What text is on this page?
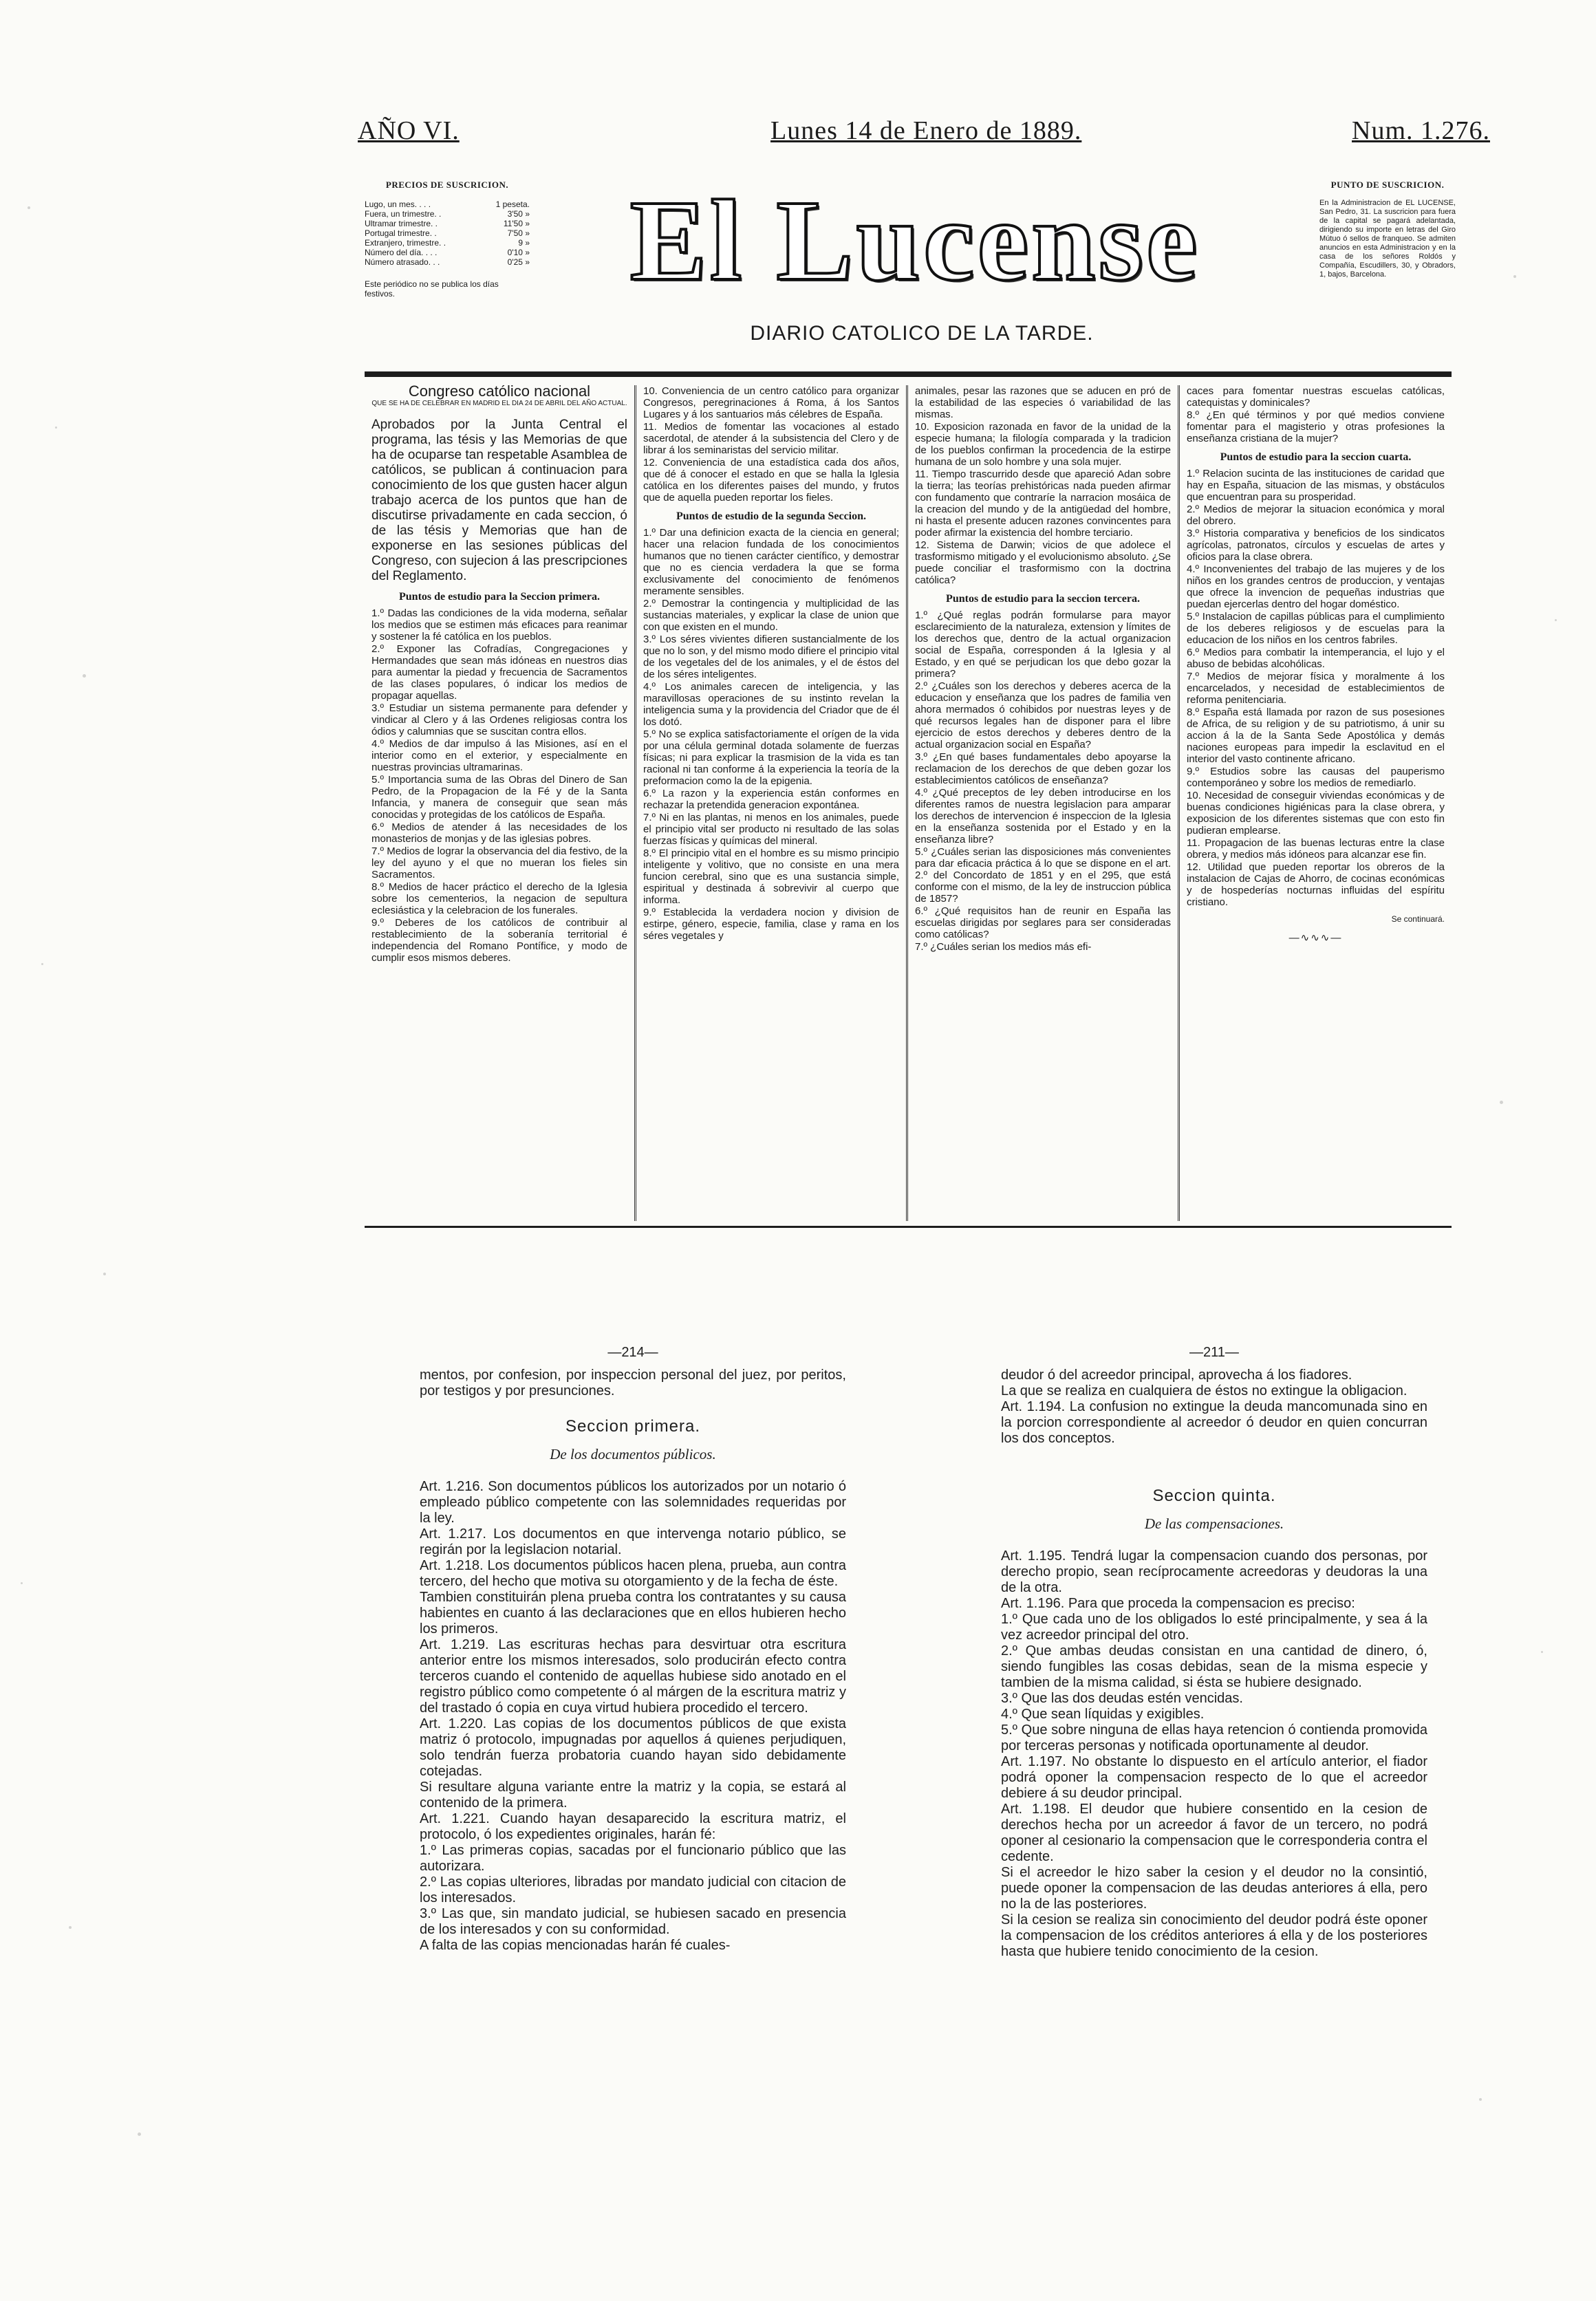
AÑO VI.	Lunes 14 de Enero de 1889.	Num. 1.276.
PRECIOS DE SUSCRICION.
Lugo, un mes. . . .	1 peseta.
Fuera, un trimestre. .	3'50 »
Ultramar trimestre. .	11'50 »
Portugal trimestre. .	7'50 »
Extranjero, trimestre. .	9 »
Número del día. . . .	0'10 »
Número atrasado. . .	0'25 »
Este periódico no se publica los días festivos.	El Lucense
DIARIO CATOLICO DE LA TARDE.
PUNTO DE SUSCRICION.
En la Administracion de EL LUCENSE, San Pedro, 31. La suscricion para fuera de la capital se pagará adelantada, dirigiendo su importe en letras del Giro Mútuo ó sellos de franqueo. Se admiten anuncios en esta Administracion y en la casa de los señores Roldós y Compañía, Escudillers, 30, y Obradors, 1, bajos, Barcelona.
Congreso católico nacional
QUE SE HA DE CELEBRAR EN MADRID EL DIA 24 DE ABRIL DEL AÑO ACTUAL.

Aprobados por la Junta Central el programa, las tésis y las Memorias de que ha de ocuparse tan respetable Asamblea de católicos, se publican á continuacion para conocimiento de los que gusten hacer algun trabajo acerca de los puntos que han de discutirse privadamente en cada seccion, ó de las tésis y Memorias que han de exponerse en las sesiones públicas del Congreso, con sujecion á las prescripciones del Reglamento.

Puntos de estudio para la Seccion primera.

1.º Dadas las condiciones de la vida moderna, señalar los medios que se estimen más eficaces para reanimar y sostener la fé católica en los pueblos.

2.º Exponer las Cofradías, Congregaciones y Hermandades que sean más idóneas en nuestros dias para aumentar la piedad y frecuencia de Sacramentos de las clases populares, ó indicar los medios de propagar aquellas.

3.º Estudiar un sistema permanente para defender y vindicar al Clero y á las Ordenes religiosas contra los ódios y calumnias que se suscitan contra ellos.

4.º Medios de dar impulso á las Misiones, así en el interior como en el exterior, y especialmente en nuestras provincias ultramarinas.

5.º Importancia suma de las Obras del Dinero de San Pedro, de la Propagacion de la Fé y de la Santa Infancia, y manera de conseguir que sean más conocidas y protegidas de los católicos de España.

6.º Medios de atender á las necesidades de los monasterios de monjas y de las iglesias pobres.

7.º Medios de lograr la observancia del dia festivo, de la ley del ayuno y el que no mueran los fieles sin Sacramentos.

8.º Medios de hacer práctico el derecho de la Iglesia sobre los cementerios, la negacion de sepultura eclesiástica y la celebracion de los funerales.

9.º Deberes de los católicos de contribuir al restablecimiento de la soberanía territorial é independencia del Romano Pontífice, y modo de cumplir esos mismos deberes.

10. Conveniencia de un centro católico para organizar Congresos, peregrinaciones á Roma, á los Santos Lugares y á los santuarios más célebres de España.

11. Medios de fomentar las vocaciones al estado sacerdotal, de atender á la subsistencia del Clero y de librar á los seminaristas del servicio militar.

12. Conveniencia de una estadística cada dos años, que dé á conocer el estado en que se halla la Iglesia católica en los diferentes paises del mundo, y frutos que de aquella pueden reportar los fieles.

Puntos de estudio de la segunda Seccion.

1.º Dar una definicion exacta de la ciencia en general; hacer una relacion fundada de los conocimientos humanos que no tienen carácter científico, y demostrar que no es ciencia verdadera la que se forma exclusivamente del conocimiento de fenómenos meramente sensibles.

2.º Demostrar la contingencia y multiplicidad de las sustancias materiales, y explicar la clase de union que con que existen en el mundo.

3.º Los séres vivientes difieren sustancialmente de los que no lo son, y del mismo modo difiere el principio vital de los vegetales del de los animales, y el de éstos del de los séres inteligentes.

4.º Los animales carecen de inteligencia, y las maravillosas operaciones de su instinto revelan la inteligencia suma y la providencia del Criador que de él los dotó.

5.º No se explica satisfactoriamente el orígen de la vida por una célula germinal dotada solamente de fuerzas físicas; ni para explicar la trasmision de la vida es tan racional ni tan conforme á la experiencia la teoría de la preformacion como la de la epigenia.

6.º La razon y la experiencia están conformes en rechazar la pretendida generacion expontánea.

7.º Ni en las plantas, ni menos en los animales, puede el principio vital ser producto ni resultado de las solas fuerzas físicas y químicas del mineral.

8.º El principio vital en el hombre es su mismo principio inteligente y volitivo, que no consiste en una mera funcion cerebral, sino que es una sustancia simple, espiritual y destinada á sobrevivir al cuerpo que informa.

9.º Establecida la verdadera nocion y division de estirpe, género, especie, familia, clase y rama en los séres vegetales y

animales, pesar las razones que se aducen en pró de la estabilidad de las especies ó variabilidad de las mismas.

10. Exposicion razonada en favor de la unidad de la especie humana; la filología comparada y la tradicion de los pueblos confirman la procedencia de la estirpe humana de un solo hombre y una sola mujer.

11. Tiempo trascurrido desde que apareció Adan sobre la tierra; las teorías prehistóricas nada pueden afirmar con fundamento que contraríe la narracion mosáica de la creacion del mundo y de la antigüedad del hombre, ni hasta el presente aducen razones convincentes para poder afirmar la existencia del hombre terciario.

12. Sistema de Darwin; vicios de que adolece el trasformismo mitigado y el evolucionismo absoluto. ¿Se puede conciliar el trasformismo con la doctrina católica?

Puntos de estudio para la seccion tercera.

1.º ¿Qué reglas podrán formularse para mayor esclarecimiento de la naturaleza, extension y límites de los derechos que, dentro de la actual organizacion social de España, corresponden á la Iglesia y al Estado, y en qué se perjudican los que debo gozar la primera?

2.º ¿Cuáles son los derechos y deberes acerca de la educacion y enseñanza que los padres de familia ven ahora mermados ó cohibidos por nuestras leyes y de qué recursos legales han de disponer para el libre ejercicio de estos derechos y deberes dentro de la actual organizacion social en España?

3.º ¿En qué bases fundamentales debo apoyarse la reclamacion de los derechos de que deben gozar los establecimientos católicos de enseñanza?

4.º ¿Qué preceptos de ley deben introducirse en los diferentes ramos de nuestra legislacion para amparar los derechos de intervencion é inspeccion de la Iglesia en la enseñanza sostenida por el Estado y en la enseñanza libre?

5.º ¿Cuáles serian las disposiciones más convenientes para dar eficacia práctica á lo que se dispone en el art. 2.º del Concordato de 1851 y en el 295, que está conforme con el mismo, de la ley de instruccion pública de 1857?

6.º ¿Qué requisitos han de reunir en España las escuelas dirigidas por seglares para ser consideradas como católicas?

7.º ¿Cuáles serian los medios más efi-

caces para fomentar nuestras escuelas católicas, catequistas y dominicales?

8.º ¿En qué términos y por qué medios conviene fomentar para el magisterio y otras profesiones la enseñanza cristiana de la mujer?

Puntos de estudio para la seccion cuarta.

1.º Relacion sucinta de las instituciones de caridad que hay en España, situacion de las mismas, y obstáculos que encuentran para su prosperidad.

2.º Medios de mejorar la situacion económica y moral del obrero.

3.º Historia comparativa y beneficios de los sindicatos agrícolas, patronatos, círculos y escuelas de artes y oficios para la clase obrera.

4.º Inconvenientes del trabajo de las mujeres y de los niños en los grandes centros de produccion, y ventajas que ofrece la invencion de pequeñas industrias que puedan ejercerlas dentro del hogar doméstico.

5.º Instalacion de capillas públicas para el cumplimiento de los deberes religiosos y de escuelas para la educacion de los niños en los centros fabriles.

6.º Medios para combatir la intemperancia, el lujo y el abuso de bebidas alcohólicas.

7.º Medios de mejorar física y moralmente á los encarcelados, y necesidad de establecimientos de reforma penitenciaria.

8.º España está llamada por razon de sus posesiones de Africa, de su religion y de su patriotismo, á unir su accion á la de la Santa Sede Apostólica y demás naciones europeas para impedir la esclavitud en el interior del vasto continente africano.

9.º Estudios sobre las causas del pauperismo contemporáneo y sobre los medios de remediarlo.

10. Necesidad de conseguir viviendas económicas y de buenas condiciones higiénicas para la clase obrera, y exposicion de los diferentes sistemas que con esto fin pudieran emplearse.

11. Propagacion de las buenas lecturas entre la clase obrera, y medios más idóneos para alcanzar ese fin.

12. Utilidad que pueden reportar los obreros de la instalacion de Cajas de Ahorro, de cocinas económicas y de hospederías nocturnas influidas del espíritu cristiano.

Se continuará.
—∿∿∿—
—214—

mentos, por confesion, por inspeccion personal del juez, por peritos, por testigos y por presunciones.

Seccion primera.
De los documentos públicos.

Art. 1.216. Son documentos públicos los autorizados por un notario ó empleado público competente con las solemnidades requeridas por la ley.

Art. 1.217. Los documentos en que intervenga notario público, se regirán por la legislacion notarial.

Art. 1.218. Los documentos públicos hacen plena, prueba, aun contra tercero, del hecho que motiva su otorgamiento y de la fecha de éste.

Tambien constituirán plena prueba contra los contratantes y su causa habientes en cuanto á las declaraciones que en ellos hubieren hecho los primeros.

Art. 1.219. Las escrituras hechas para desvirtuar otra escritura anterior entre los mismos interesados, solo producirán efecto contra terceros cuando el contenido de aquellas hubiese sido anotado en el registro público como competente ó al márgen de la escritura matriz y del trastado ó copia en cuya virtud hubiera procedido el tercero.

Art. 1.220. Las copias de los documentos públicos de que exista matriz ó protocolo, impugnadas por aquellos á quienes perjudiquen, solo tendrán fuerza probatoria cuando hayan sido debidamente cotejadas.

Si resultare alguna variante entre la matriz y la copia, se estará al contenido de la primera.

Art. 1.221. Cuando hayan desaparecido la escritura matriz, el protocolo, ó los expedientes originales, harán fé:

1.º Las primeras copias, sacadas por el funcionario público que las autorizara.

2.º Las copias ulteriores, libradas por mandato judicial con citacion de los interesados.

3.º Las que, sin mandato judicial, se hubiesen sacado en presencia de los interesados y con su conformidad.

A falta de las copias mencionadas harán fé cuales-

—211—

deudor ó del acreedor principal, aprovecha á los fiadores.

La que se realiza en cualquiera de éstos no extingue la obligacion.

Art. 1.194. La confusion no extingue la deuda mancomunada sino en la porcion correspondiente al acreedor ó deudor en quien concurran los dos conceptos.

Seccion quinta.
De las compensaciones.

Art. 1.195. Tendrá lugar la compensacion cuando dos personas, por derecho propio, sean recíprocamente acreedoras y deudoras la una de la otra.

Art. 1.196. Para que proceda la compensacion es preciso:

1.º Que cada uno de los obligados lo esté principalmente, y sea á la vez acreedor principal del otro.

2.º Que ambas deudas consistan en una cantidad de dinero, ó, siendo fungibles las cosas debidas, sean de la misma especie y tambien de la misma calidad, si ésta se hubiere designado.

3.º Que las dos deudas estén vencidas.

4.º Que sean líquidas y exigibles.

5.º Que sobre ninguna de ellas haya retencion ó contienda promovida por terceras personas y notificada oportunamente al deudor.

Art. 1.197. No obstante lo dispuesto en el artículo anterior, el fiador podrá oponer la compensacion respecto de lo que el acreedor debiere á su deudor principal.

Art. 1.198. El deudor que hubiere consentido en la cesion de derechos hecha por un acreedor á favor de un tercero, no podrá oponer al cesionario la compensacion que le corresponderia contra el cedente.

Si el acreedor le hizo saber la cesion y el deudor no la consintió, puede oponer la compensacion de las deudas anteriores á ella, pero no la de las posteriores.

Si la cesion se realiza sin conocimiento del deudor podrá éste oponer la compensacion de los créditos anteriores á ella y de los posteriores hasta que hubiere tenido conocimiento de la cesion.
